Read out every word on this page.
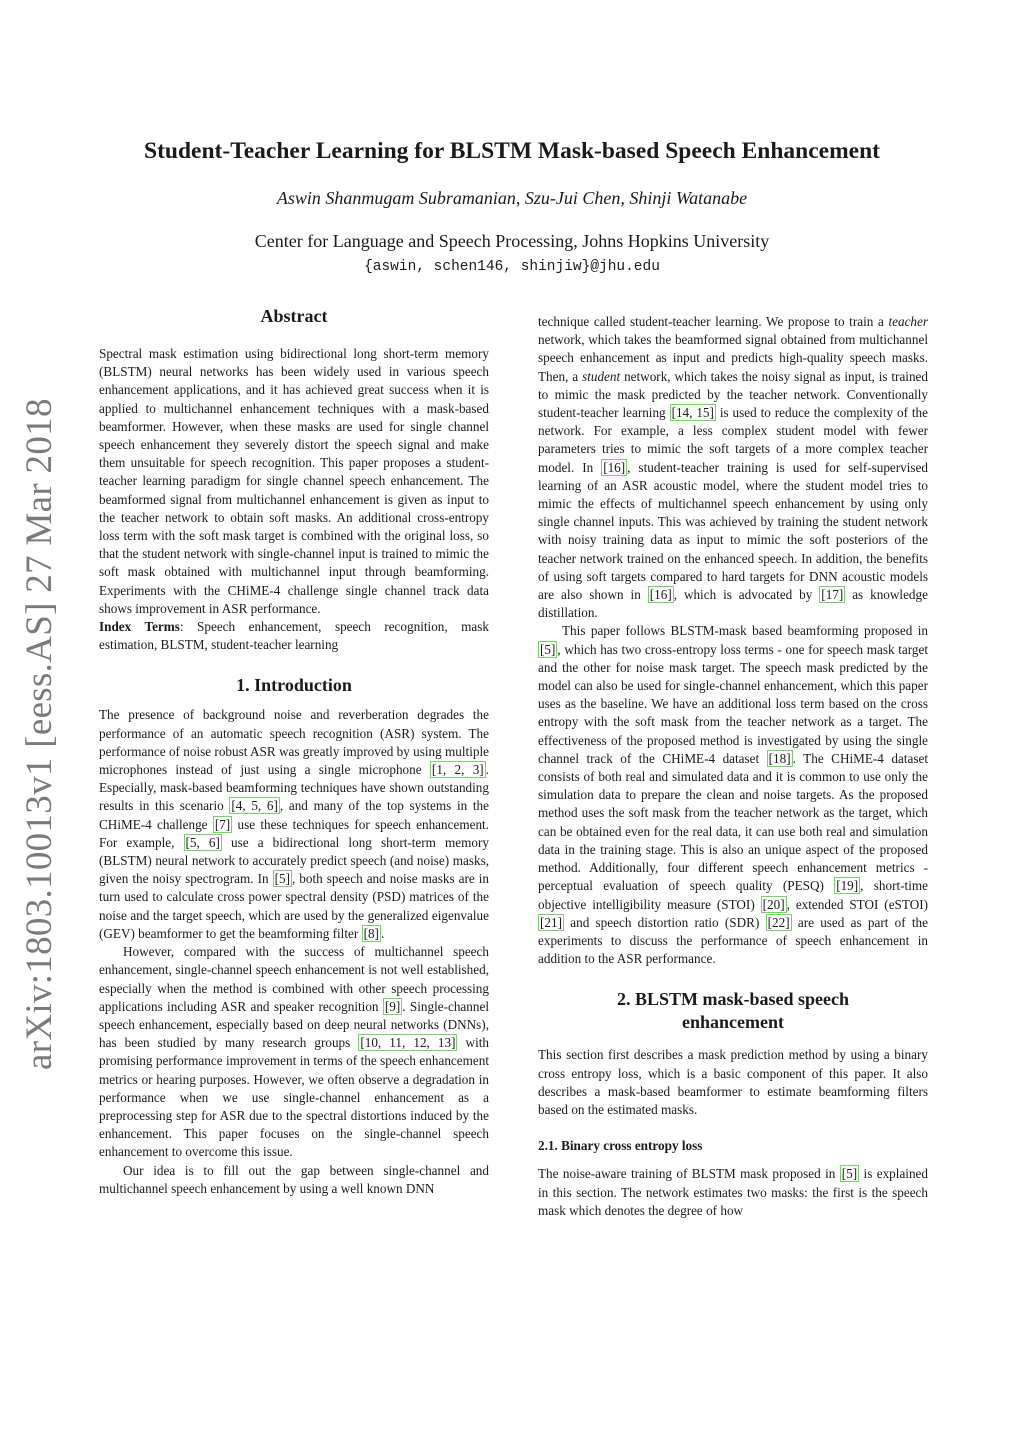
arXiv:1803.10013v1 [eess.AS] 27 Mar 2018
Student-Teacher Learning for BLSTM Mask-based Speech Enhancement
Aswin Shanmugam Subramanian, Szu-Jui Chen, Shinji Watanabe
Center for Language and Speech Processing, Johns Hopkins University
{aswin, schen146, shinjiw}@jhu.edu
Abstract

Spectral mask estimation using bidirectional long short-term memory (BLSTM) neural networks has been widely used in various speech enhancement applications, and it has achieved great success when it is applied to multichannel enhancement techniques with a mask-based beamformer. However, when these masks are used for single channel speech enhancement they severely distort the speech signal and make them unsuitable for speech recognition. This paper proposes a student-teacher learning paradigm for single channel speech enhancement. The beamformed signal from multichannel enhancement is given as input to the teacher network to obtain soft masks. An additional cross-entropy loss term with the soft mask target is combined with the original loss, so that the student network with single-channel input is trained to mimic the soft mask obtained with multichannel input through beamforming. Experiments with the CHiME-4 challenge single channel track data shows improvement in ASR performance.

Index Terms: Speech enhancement, speech recognition, mask estimation, BLSTM, student-teacher learning

1. Introduction

The presence of background noise and reverberation degrades the performance of an automatic speech recognition (ASR) system. The performance of noise robust ASR was greatly improved by using multiple microphones instead of just using a single microphone [1, 2, 3] . Especially, mask-based beamforming techniques have shown outstanding results in this scenario [4, 5, 6] , and many of the top systems in the CHiME-4 challenge [7] use these techniques for speech enhancement. For example, [5, 6] use a bidirectional long short-term memory (BLSTM) neural network to accurately predict speech (and noise) masks, given the noisy spectrogram. In [5] , both speech and noise masks are in turn used to calculate cross power spectral density (PSD) matrices of the noise and the target speech, which are used by the generalized eigenvalue (GEV) beamformer to get the beamforming filter [8] .

However, compared with the success of multichannel speech enhancement, single-channel speech enhancement is not well established, especially when the method is combined with other speech processing applications including ASR and speaker recognition [9] . Single-channel speech enhancement, especially based on deep neural networks (DNNs), has been studied by many research groups [10, 11, 12, 13] with promising performance improvement in terms of the speech enhancement metrics or hearing purposes. However, we often observe a degradation in performance when we use single-channel enhancement as a preprocessing step for ASR due to the spectral distortions induced by the enhancement. This paper focuses on the single-channel speech enhancement to overcome this issue.

Our idea is to fill out the gap between single-channel and multichannel speech enhancement by using a well known DNN

technique called student-teacher learning. We propose to train a teacher network, which takes the beamformed signal obtained from multichannel speech enhancement as input and predicts high-quality speech masks. Then, a student network, which takes the noisy signal as input, is trained to mimic the mask predicted by the teacher network. Conventionally student-teacher learning [14, 15] is used to reduce the complexity of the network. For example, a less complex student model with fewer parameters tries to mimic the soft targets of a more complex teacher model. In [16] , student-teacher training is used for self-supervised learning of an ASR acoustic model, where the student model tries to mimic the effects of multichannel speech enhancement by using only single channel inputs. This was achieved by training the student network with noisy training data as input to mimic the soft posteriors of the teacher network trained on the enhanced speech. In addition, the benefits of using soft targets compared to hard targets for DNN acoustic models are also shown in [16] , which is advocated by [17] as knowledge distillation.

This paper follows BLSTM-mask based beamforming proposed in [5] , which has two cross-entropy loss terms - one for speech mask target and the other for noise mask target. The speech mask predicted by the model can also be used for single-channel enhancement, which this paper uses as the baseline. We have an additional loss term based on the cross entropy with the soft mask from the teacher network as a target. The effectiveness of the proposed method is investigated by using the single channel track of the CHiME-4 dataset [18] . The CHiME-4 dataset consists of both real and simulated data and it is common to use only the simulation data to prepare the clean and noise targets. As the proposed method uses the soft mask from the teacher network as the target, which can be obtained even for the real data, it can use both real and simulation data in the training stage. This is also an unique aspect of the proposed method. Additionally, four different speech enhancement metrics - perceptual evaluation of speech quality (PESQ) [19] , short-time objective intelligibility measure (STOI) [20] , extended STOI (eSTOI) [21] and speech distortion ratio (SDR) [22] are used as part of the experiments to discuss the performance of speech enhancement in addition to the ASR performance.

2. BLSTM mask-based speech enhancement

This section first describes a mask prediction method by using a binary cross entropy loss, which is a basic component of this paper. It also describes a mask-based beamformer to estimate beamforming filters based on the estimated masks.

2.1. Binary cross entropy loss

The noise-aware training of BLSTM mask proposed in [5] is explained in this section. The network estimates two masks: the first is the speech mask which denotes the degree of how
